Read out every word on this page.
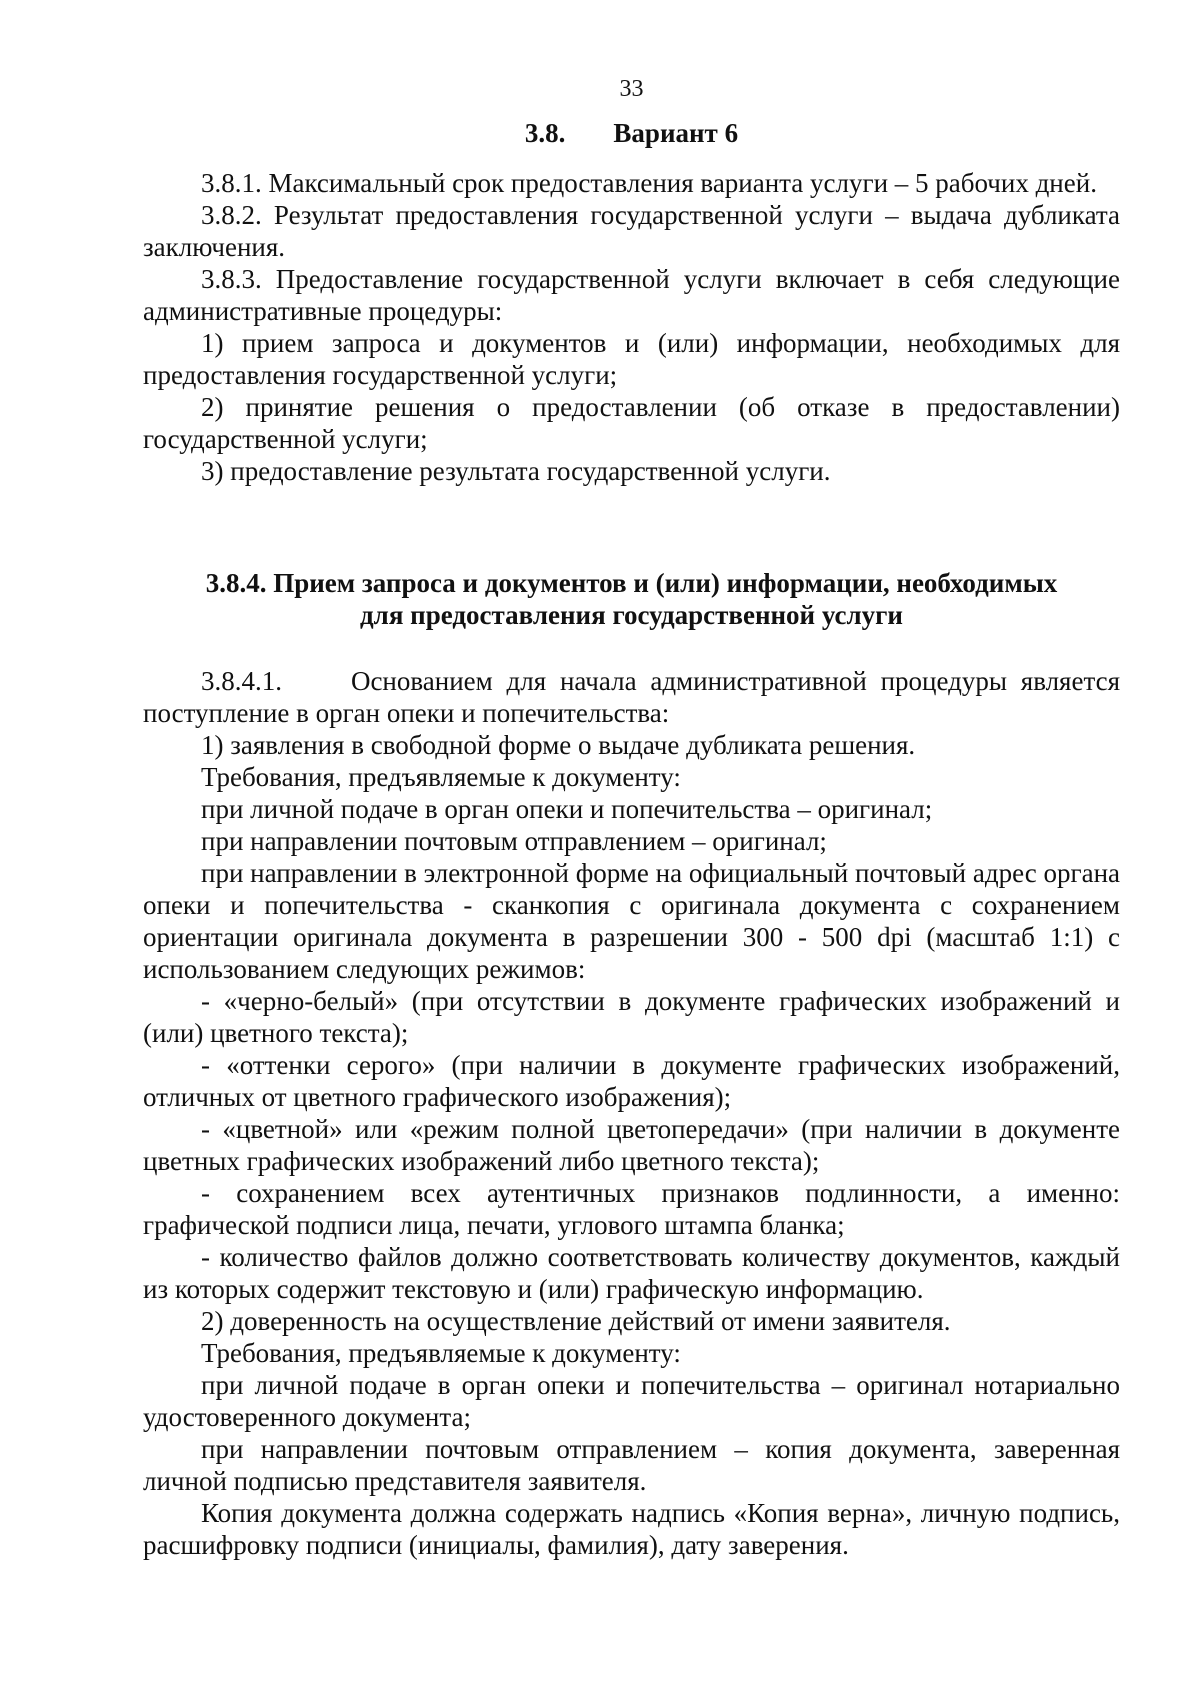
33
3.8. Вариант 6

3.8.1. Максимальный срок предоставления варианта услуги – 5 рабочих дней.

3.8.2. Результат предоставления государственной услуги – выдача дубликата заключения.

3.8.3. Предоставление государственной услуги включает в себя следующие административные процедуры:

1) прием запроса и документов и (или) информации, необходимых для предоставления государственной услуги;

2) принятие решения о предоставлении (об отказе в предоставлении) государственной услуги;

3) предоставление результата государственной услуги.

3.8.4. Прием запроса и документов и (или) информации, необходимых
для предоставления государственной услуги

3.8.4.1.     Основанием для начала административной процедуры является поступление в орган опеки и попечительства:

1) заявления в свободной форме о выдаче дубликата решения.

Требования, предъявляемые к документу:

при личной подаче в орган опеки и попечительства – оригинал;

при направлении почтовым отправлением – оригинал;

при направлении в электронной форме на официальный почтовый адрес органа опеки и попечительства - сканкопия с оригинала документа с сохранением ориентации оригинала документа в разрешении 300 - 500 dpi (масштаб 1:1) с использованием следующих режимов:

- «черно-белый» (при отсутствии в документе графических изображений и (или) цветного текста);

- «оттенки серого» (при наличии в документе графических изображений, отличных от цветного графического изображения);

- «цветной» или «режим полной цветопередачи» (при наличии в документе цветных графических изображений либо цветного текста);

- сохранением всех аутентичных признаков подлинности, а именно: графической подписи лица, печати, углового штампа бланка;

- количество файлов должно соответствовать количеству документов, каждый из которых содержит текстовую и (или) графическую информацию.

2) доверенность на осуществление действий от имени заявителя.

Требования, предъявляемые к документу:

при личной подаче в орган опеки и попечительства – оригинал нотариально удостоверенного документа;

при направлении почтовым отправлением – копия документа, заверенная личной подписью представителя заявителя.

Копия документа должна содержать надпись «Копия верна», личную подпись, расшифровку подписи (инициалы, фамилия), дату заверения.
